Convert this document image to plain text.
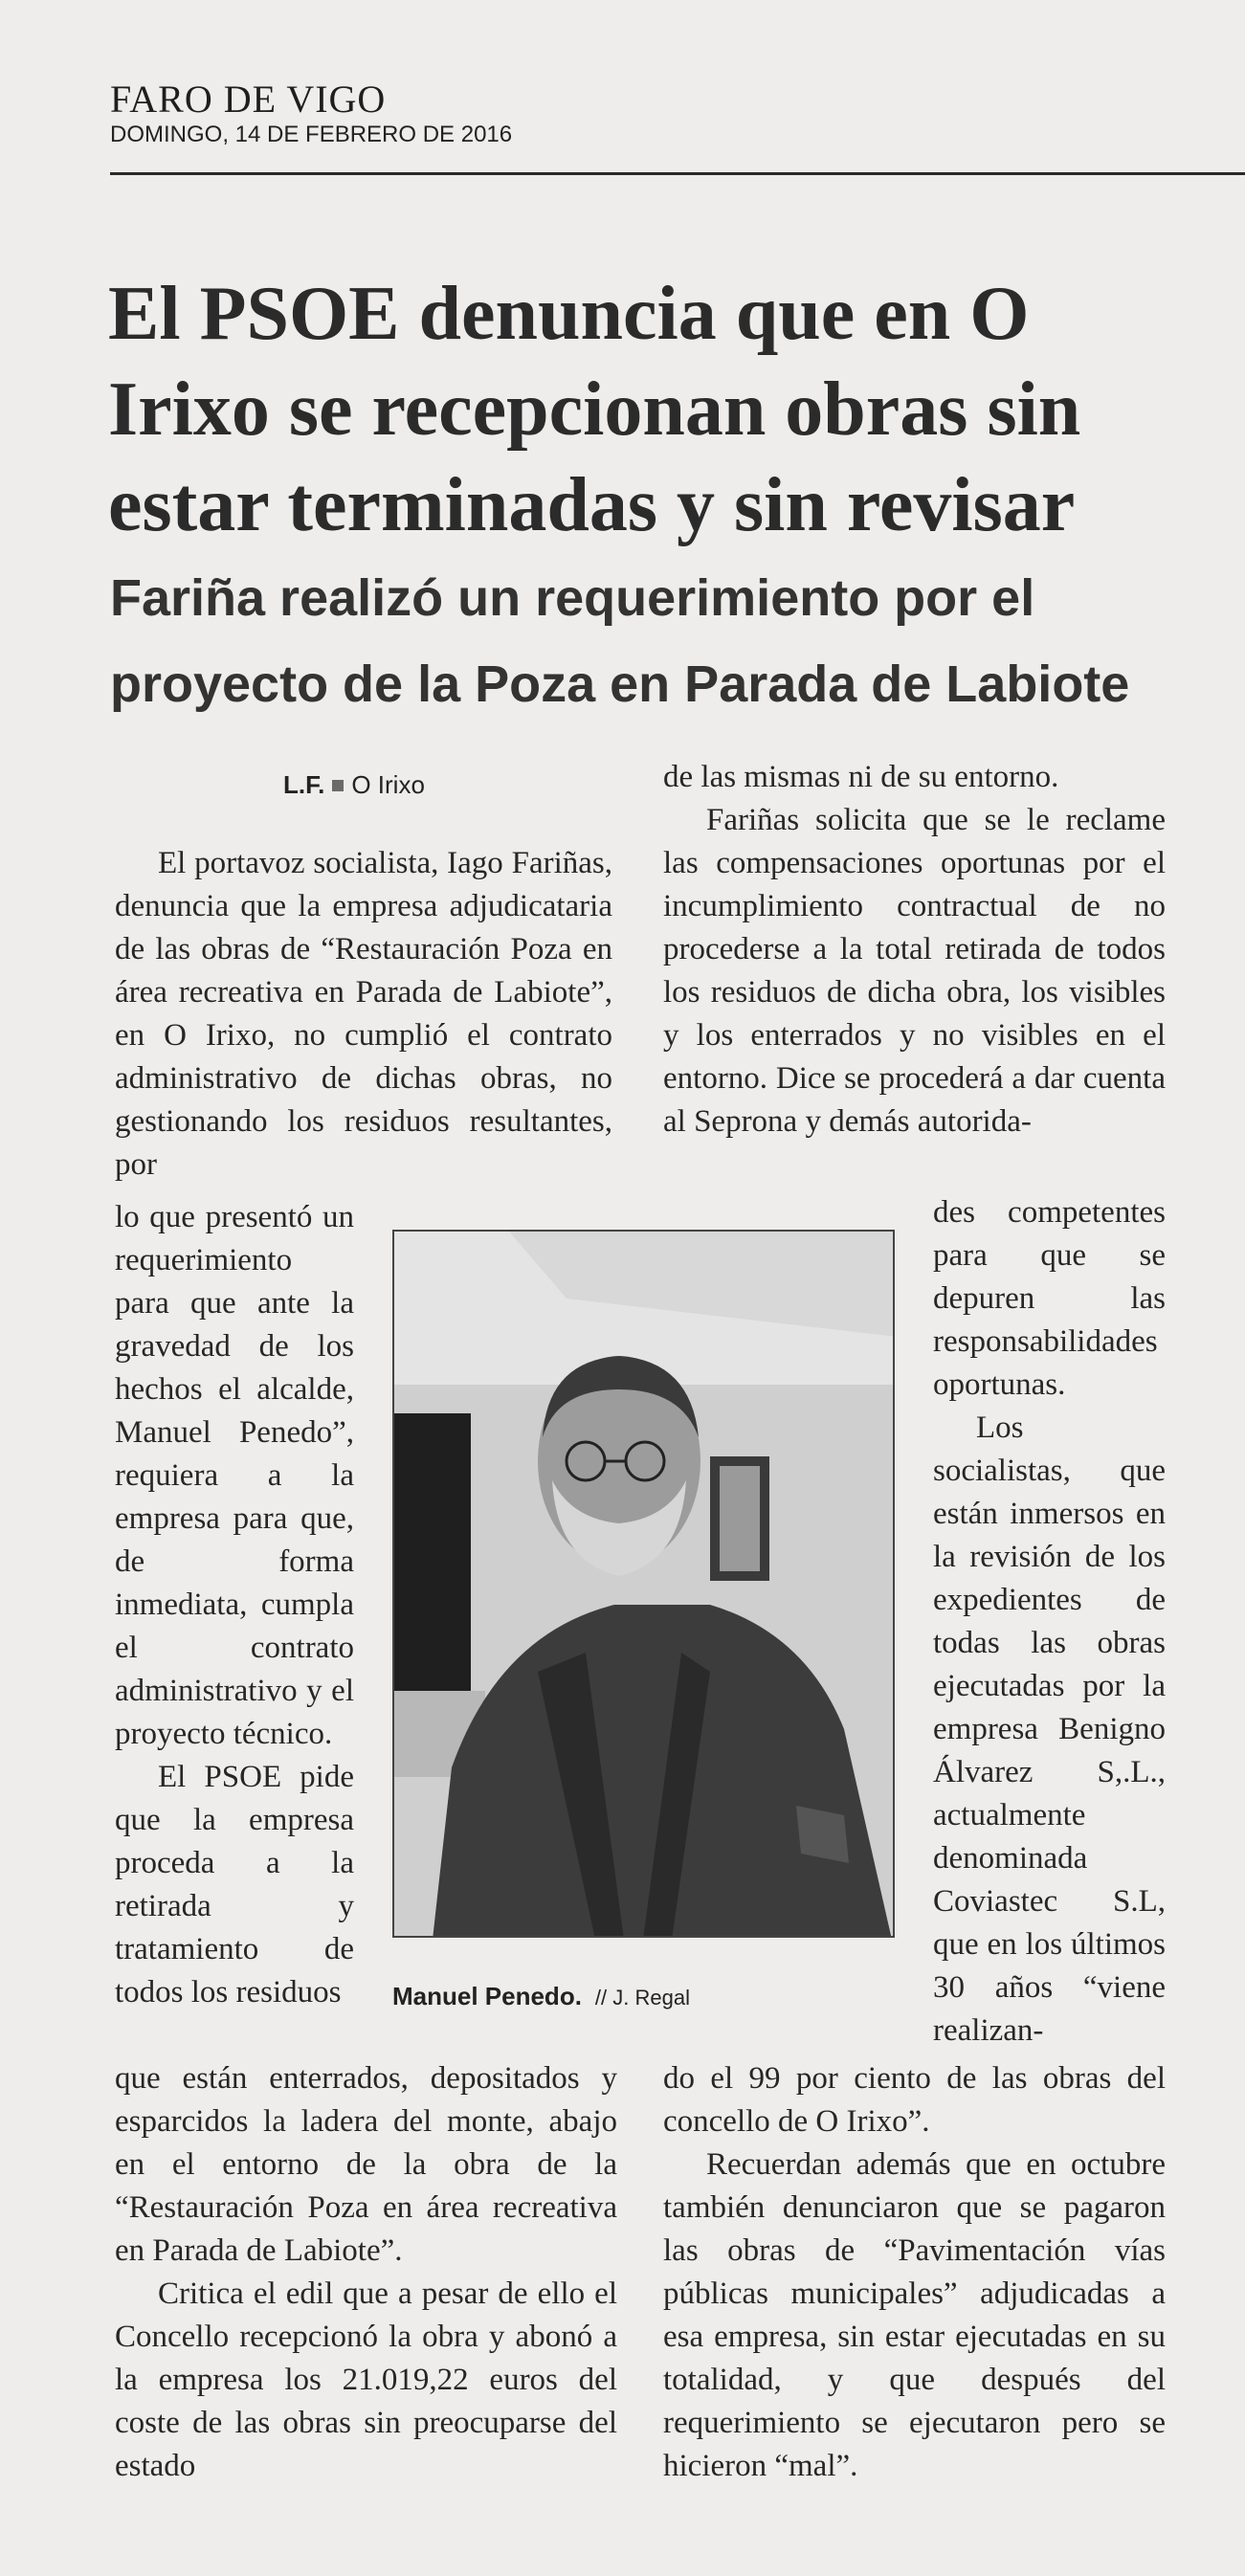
FARO DE VIGO
DOMINGO, 14 DE FEBRERO DE 2016
El PSOE denuncia que en O Irixo se recepcionan obras sin estar terminadas y sin revisar
Fariña realizó un requerimiento por el proyecto de la Poza en Parada de Labiote
L.F. O Irixo

El portavoz socialista, Iago Fariñas, denuncia que la empresa adjudicataria de las obras de “Restauración Poza en área recreativa en Parada de Labiote”, en O Irixo, no cumplió el contrato administrativo de dichas obras, no gestionando los residuos resultantes, por

lo que presentó un requerimiento para que ante la gravedad de los hechos el alcalde, Manuel Penedo”, requiera a la empresa para que, de forma inmediata, cumpla el contrato administrativo y el proyecto técnico.

El PSOE pide que la empresa proceda a la retirada y tratamiento de todos los residuos

que están enterrados, depositados y esparcidos la ladera del monte, abajo en el entorno de la obra de la “Restauración Poza en área recreativa en Parada de Labiote”.

Critica el edil que a pesar de ello el Concello recepcionó la obra y abonó a la empresa los 21.019,22 euros del coste de las obras sin preocuparse del estado

de las mismas ni de su entorno.

Fariñas solicita que se le reclame las compensaciones oportunas por el incumplimiento contractual de no procederse a la total retirada de todos los residuos de dicha obra, los visibles y los enterrados y no visibles en el entorno. Dice se procederá a dar cuenta al Seprona y demás autorida-

des competentes para que se depuren las responsabilidades oportunas.

Los socialistas, que están inmersos en la revisión de los expedientes de todas las obras ejecutadas por la empresa Benigno Álvarez S,.L., actualmente denominada Coviastec S.L, que en los últimos 30 años “viene realizan-

do el 99 por ciento de las obras del concello de O Irixo”.

Recuerdan además que en octubre también denunciaron que se pagaron las obras de “Pavimentación vías públicas municipales” adjudicadas a esa empresa, sin estar ejecutadas en su totalidad, y que después del requerimiento se ejecutaron pero se hicieron “mal”.

Manuel Penedo. // J. Regal
